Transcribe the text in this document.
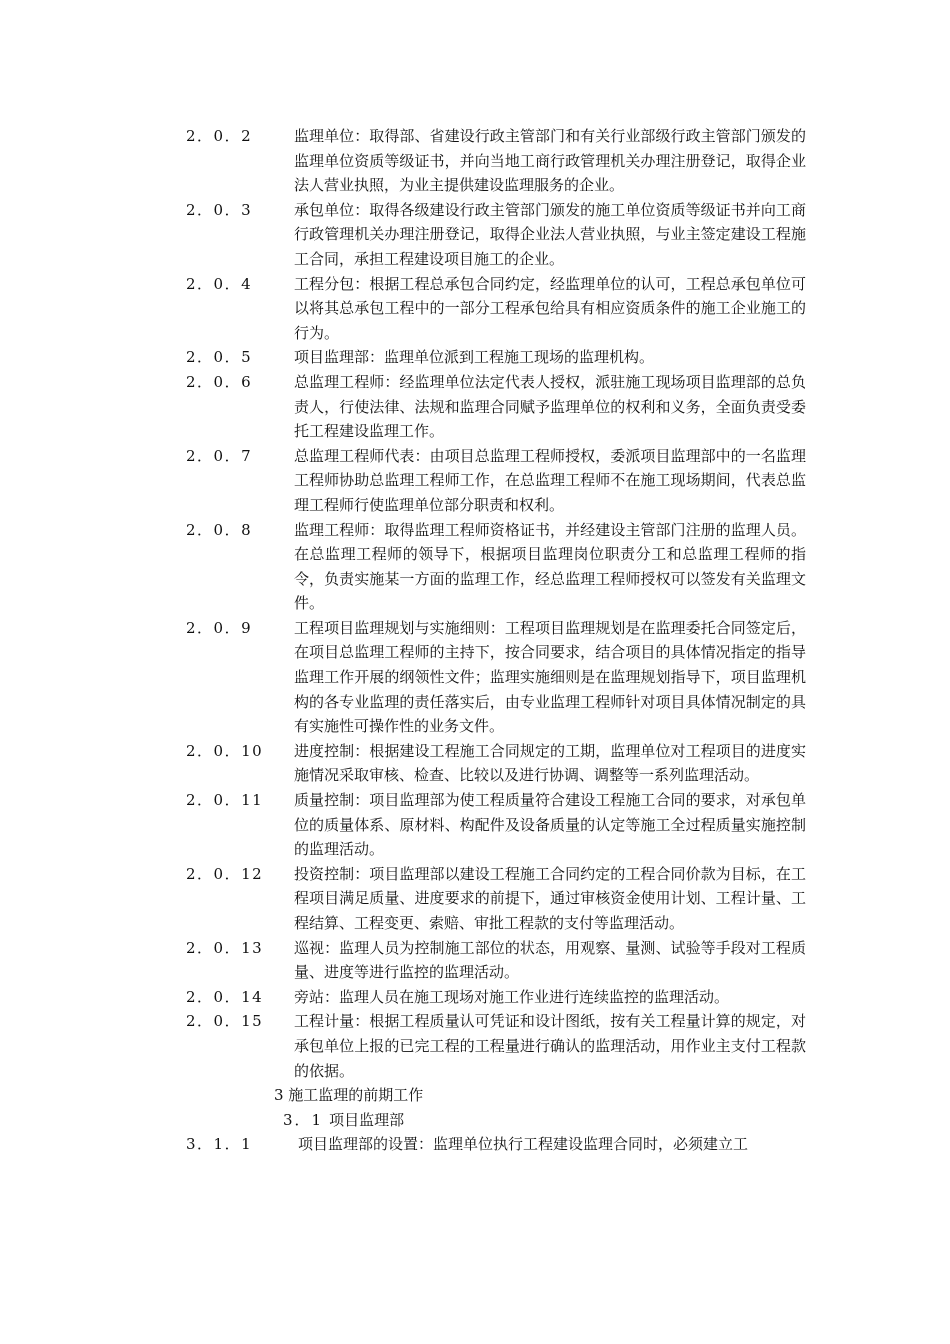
2．0．2	监理单位：取得部、省建设行政主管部门和有关行业部级行政主管部门颁发的监理单位资质等级证书，并向当地工商行政管理机关办理注册登记，取得企业法人营业执照，为业主提供建设监理服务的企业。
2．0．3	承包单位：取得各级建设行政主管部门颁发的施工单位资质等级证书并向工商行政管理机关办理注册登记，取得企业法人营业执照，与业主签定建设工程施工合同，承担工程建设项目施工的企业。
2．0．4	工程分包：根据工程总承包合同约定，经监理单位的认可，工程总承包单位可以将其总承包工程中的一部分工程承包给具有相应资质条件的施工企业施工的行为。
2．0．5	项目监理部：监理单位派到工程施工现场的监理机构。
2．0．6	总监理工程师：经监理单位法定代表人授权，派驻施工现场项目监理部的总负责人，行使法律、法规和监理合同赋予监理单位的权利和义务，全面负责受委托工程建设监理工作。
2．0．7	总监理工程师代表：由项目总监理工程师授权，委派项目监理部中的一名监理工程师协助总监理工程师工作，在总监理工程师不在施工现场期间，代表总监理工程师行使监理单位部分职责和权利。
2．0．8	监理工程师：取得监理工程师资格证书，并经建设主管部门注册的监理人员。在总监理工程师的领导下，根据项目监理岗位职责分工和总监理工程师的指令，负责实施某一方面的监理工作，经总监理工程师授权可以签发有关监理文件。
2．0．9	工程项目监理规划与实施细则：工程项目监理规划是在监理委托合同签定后，在项目总监理工程师的主持下，按合同要求，结合项目的具体情况指定的指导监理工作开展的纲领性文件；监理实施细则是在监理规划指导下，项目监理机构的各专业监理的责任落实后，由专业监理工程师针对项目具体情况制定的具有实施性可操作性的业务文件。
2．0．10	进度控制：根据建设工程施工合同规定的工期，监理单位对工程项目的进度实施情况采取审核、检查、比较以及进行协调、调整等一系列监理活动。
2．0．11	质量控制：项目监理部为使工程质量符合建设工程施工合同的要求，对承包单位的质量体系、原材料、构配件及设备质量的认定等施工全过程质量实施控制的监理活动。
2．0．12	投资控制：项目监理部以建设工程施工合同约定的工程合同价款为目标，在工程项目满足质量、进度要求的前提下，通过审核资金使用计划、工程计量、工程结算、工程变更、索赔、审批工程款的支付等监理活动。
2．0．13	巡视：监理人员为控制施工部位的状态，用观察、量测、试验等手段对工程质量、进度等进行监控的监理活动。
2．0．14	旁站：监理人员在施工现场对施工作业进行连续监控的监理活动。
2．0．15	工程计量：根据工程质量认可凭证和设计图纸，按有关工程量计算的规定，对承包单位上报的已完工程的工程量进行确认的监理活动，用作业主支付工程款的依据。
3 施工监理的前期工作
3．1 项目监理部
3．1．1	项目监理部的设置：监理单位执行工程建设监理合同时，必须建立工
